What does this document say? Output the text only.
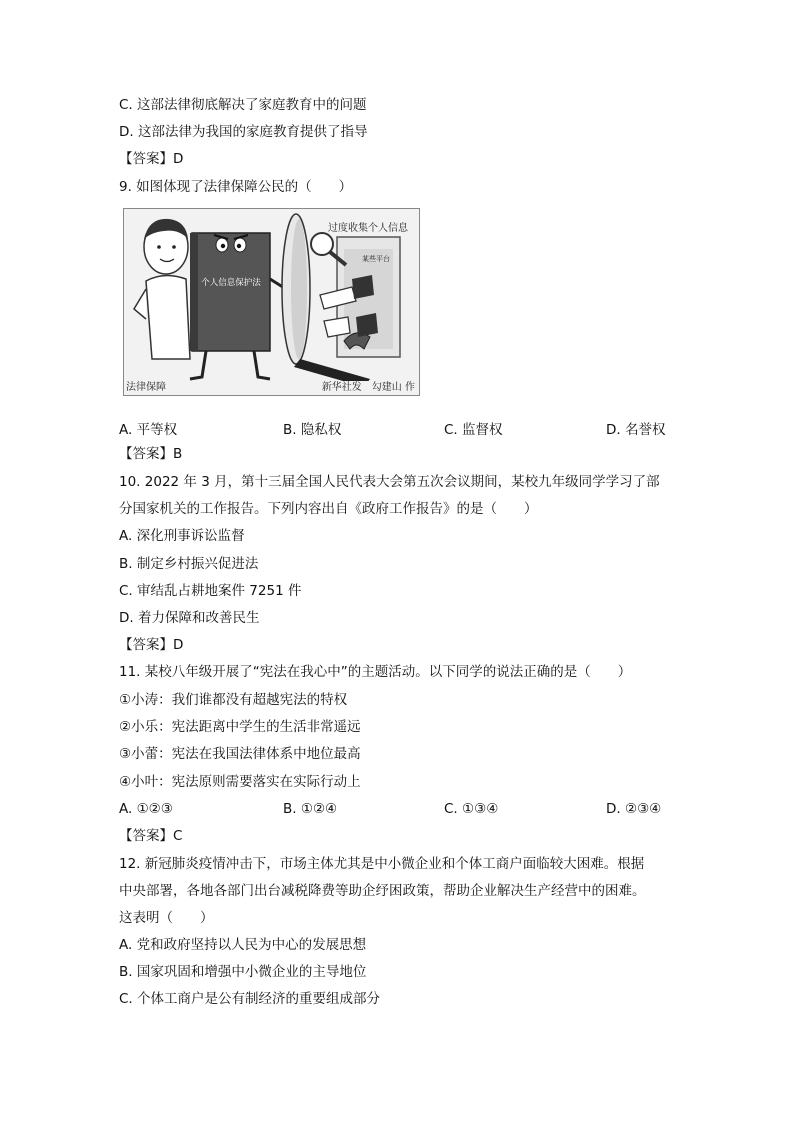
C. 这部法律彻底解决了家庭教育中的问题
D. 这部法律为我国的家庭教育提供了指导
【答案】D
9. 如图体现了法律保障公民的（　　）
个人信息保护法
过度收集个人信息
某些平台
法律保障	新华社发　勾建山 作
A. 平等权	B. 隐私权	C. 监督权	D. 名誉权
【答案】B
10. 2022 年 3 月，第十三届全国人民代表大会第五次会议期间，某校九年级同学学习了部
分国家机关的工作报告。下列内容出自《政府工作报告》的是（　　）
A. 深化刑事诉讼监督
B. 制定乡村振兴促进法
C. 审结乱占耕地案件 7251 件
D. 着力保障和改善民生
【答案】D
11. 某校八年级开展了“宪法在我心中”的主题活动。以下同学的说法正确的是（　　）
①小涛：我们谁都没有超越宪法的特权
②小乐：宪法距离中学生的生活非常遥远
③小蕾：宪法在我国法律体系中地位最高
④小叶：宪法原则需要落实在实际行动上
A. ①②③	B. ①②④	C. ①③④	D. ②③④
【答案】C
12. 新冠肺炎疫情冲击下，市场主体尤其是中小微企业和个体工商户面临较大困难。根据
中央部署，各地各部门出台减税降费等助企纾困政策，帮助企业解决生产经营中的困难。
这表明（　　）
A. 党和政府坚持以人民为中心的发展思想
B. 国家巩固和增强中小微企业的主导地位
C. 个体工商户是公有制经济的重要组成部分
